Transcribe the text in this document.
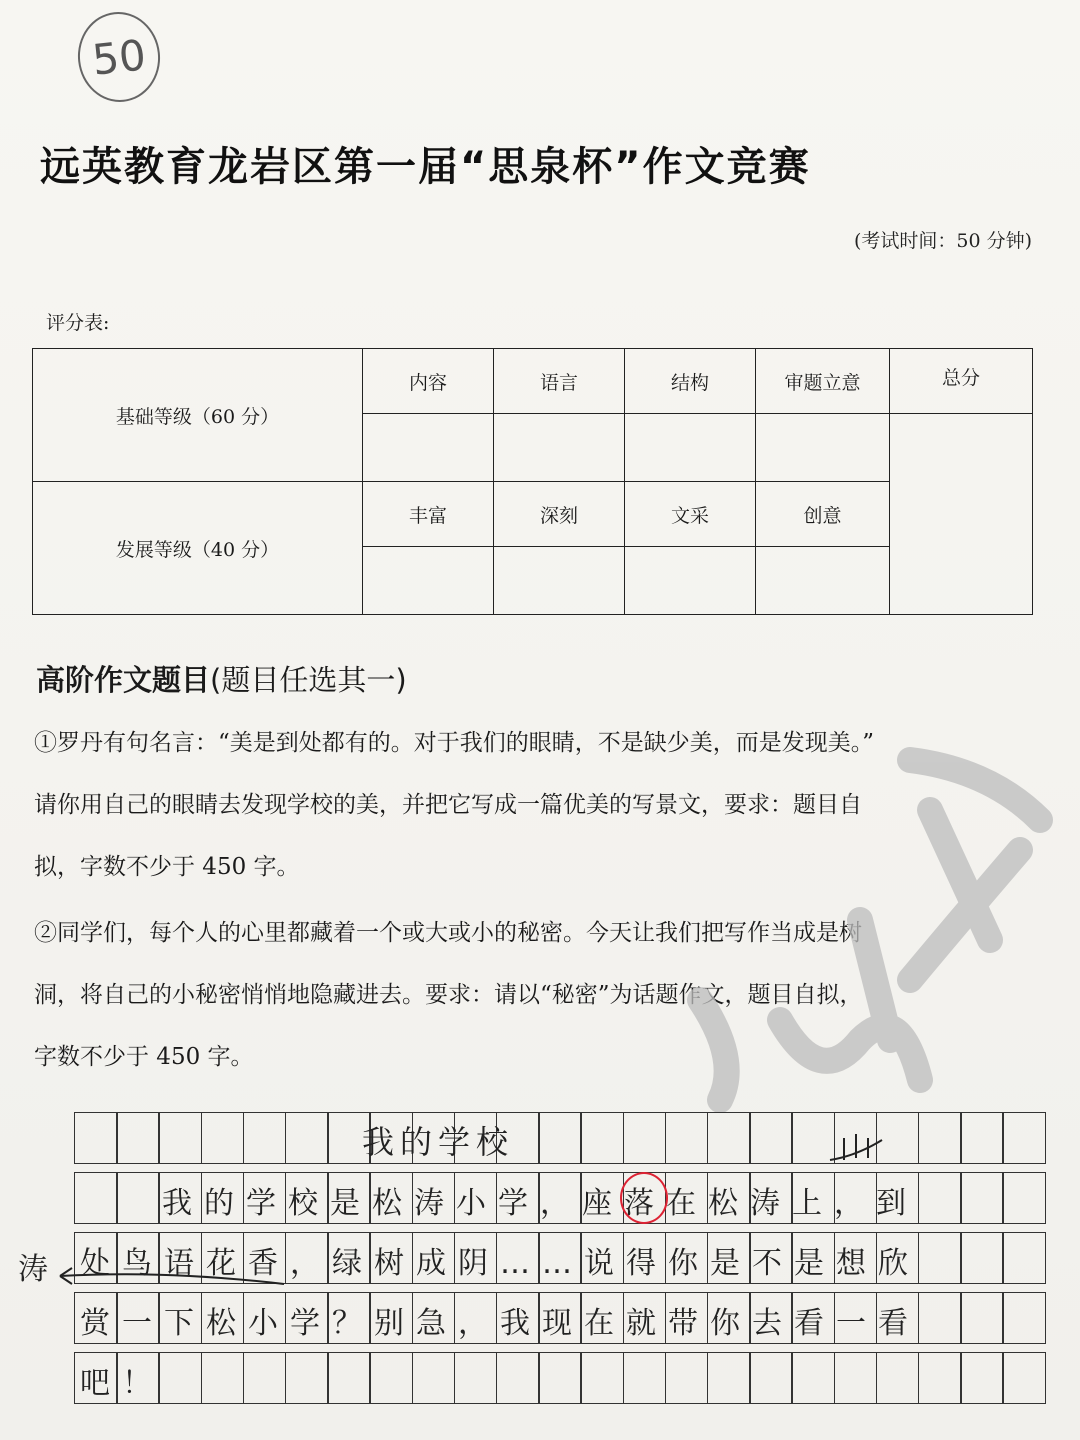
50
远英教育龙岩区第一届“思泉杯”作文竞赛
(考试时间：50 分钟)
评分表:
基础等级（60 分）	内容	语言	结构	审题立意	总分

发展等级（40 分）	丰富	深刻	文采	创意	

高阶作文题目(题目任选其一)
①罗丹有句名言：“美是到处都有的。对于我们的眼睛，不是缺少美，而是发现美。”
请你用自己的眼睛去发现学校的美，并把它写成一篇优美的写景文，要求：题目自
拟，字数不少于 450 字。
②同学们，每个人的心里都藏着一个或大或小的秘密。今天让我们把写作当成是树
洞，将自己的小秘密悄悄地隐藏进去。要求：请以“秘密”为话题作文，题目自拟，
字数不少于 450 字。
我的学校
我的学校是松涛小学，座落在松涛上，到
处鸟语花香，绿树成阴……说得你是不是想欣
赏一下松小学？别急，我现在就带你去看一看
吧！
涛
